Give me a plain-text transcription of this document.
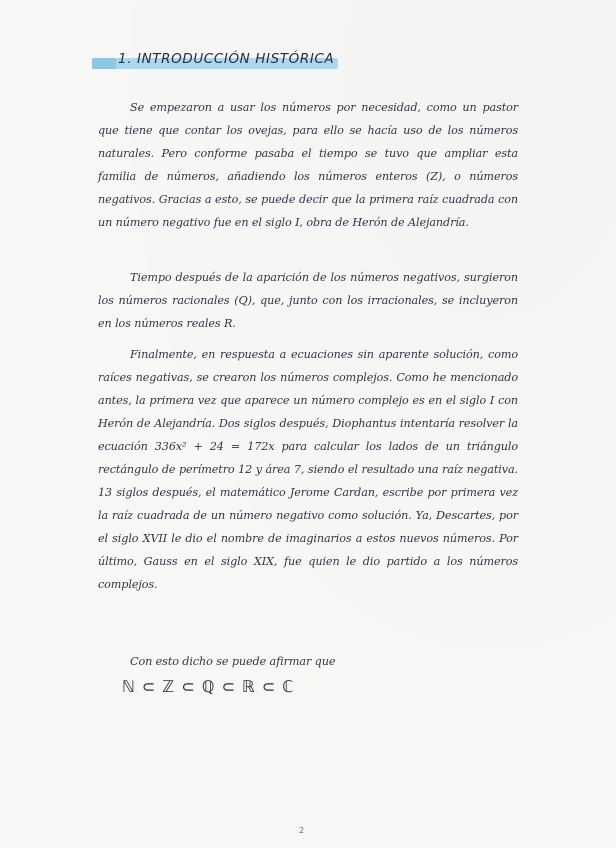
1. INTRODUCCIÓN HISTÓRICA
Se empezaron a usar los números por necesidad, como un pastor que tiene que contar los ovejas, para ello se hacía uso de los números naturales. Pero conforme pasaba el tiempo se tuvo que ampliar esta familia de números, añadiendo los números enteros (Z), o números negativos. Gracias a esto, se puede decir que la primera raíz cuadrada con un número negativo fue en el siglo I, obra de Herón de Alejandría.
Tiempo después de la aparición de los números negativos, surgieron los números racionales (Q), que, junto con los irracionales, se incluyeron en los números reales R.
Finalmente, en respuesta a ecuaciones sin aparente solución, como raíces negativas, se crearon los números complejos. Como he mencionado antes, la primera vez que aparece un número complejo es en el siglo I con Herón de Alejandría. Dos siglos después, Diophantus intentaría resolver la ecuación 336x² + 24 = 172x para calcular los lados de un triángulo rectángulo de perímetro 12 y área 7, siendo el resultado una raíz negativa. 13 siglos después, el matemático Jerome Cardan, escribe por primera vez la raíz cuadrada de un número negativo como solución. Ya, Descartes, por el siglo XVII le dio el nombre de imaginarios a estos nuevos números. Por último, Gauss en el siglo XIX, fue quien le dio partido a los números complejos.
Con esto dicho se puede afirmar que
ℕ ⊂ ℤ ⊂ ℚ ⊂ ℝ ⊂ ℂ
2
